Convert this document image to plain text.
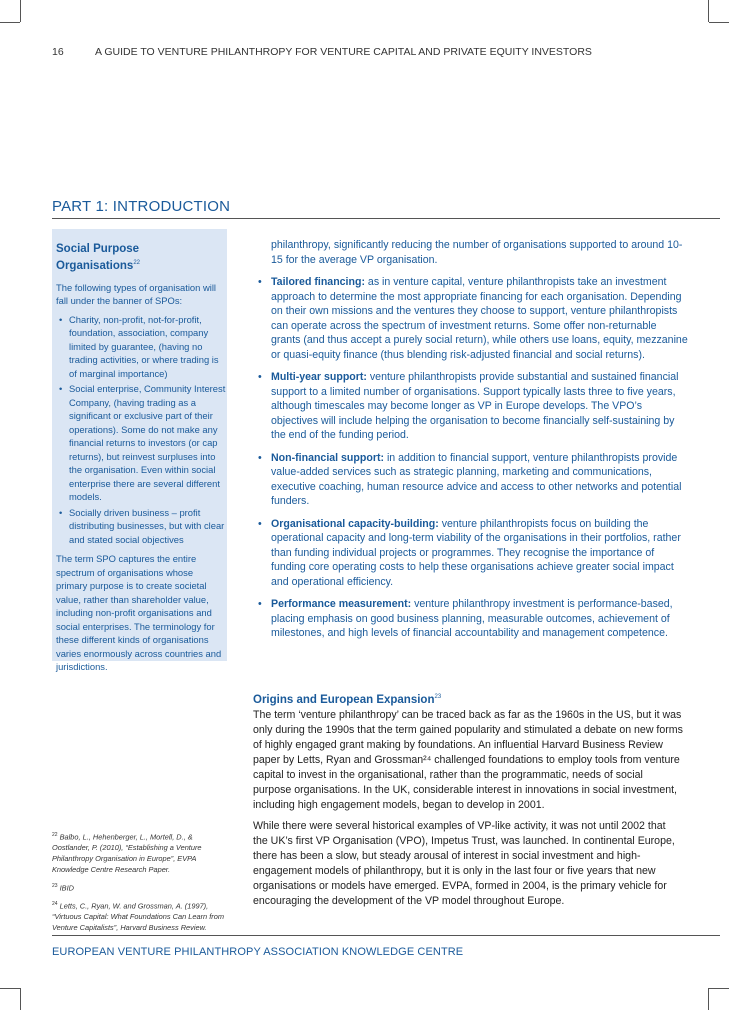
16	A GUIDE TO VENTURE PHILANTHROPY FOR VENTURE CAPITAL AND PRIVATE EQUITY INVESTORS
PART 1: INTRODUCTION
Social Purpose Organisations$^{22}$

The following types of organisation will fall under the banner of SPOs:

• Charity, non-profit, not-for-profit, foundation, association, company limited by guarantee, (having no trading activities, or where trading is of marginal importance)
• Social enterprise, Community Interest Company, (having trading as a significant or exclusive part of their operations). Some do not make any financial returns to investors (or cap returns), but reinvest surpluses into the organisation. Even within social enterprise there are several different models.
• Socially driven business – profit distributing businesses, but with clear and stated social objectives

The term SPO captures the entire spectrum of organisations whose primary purpose is to create societal value, rather than shareholder value, including non-profit organisations and social enterprises. The terminology for these different kinds of organisations varies enormously across countries and jurisdictions.

philanthropy, significantly reducing the number of organisations supported to around 10-15 for the average VP organisation.

• Tailored financing: as in venture capital, venture philanthropists take an investment approach to determine the most appropriate financing for each organisation. Depending on their own missions and the ventures they choose to support, venture philanthropists can operate across the spectrum of investment returns. Some offer non-returnable grants (and thus accept a purely social return), while others use loans, equity, mezzanine or quasi-equity finance (thus blending risk-adjusted financial and social returns).

• Multi-year support: venture philanthropists provide substantial and sustained financial support to a limited number of organisations. Support typically lasts three to five years, although timescales may become longer as VP in Europe develops. The VPO’s objectives will include helping the organisation to become financially self-sustaining by the end of the funding period.

• Non-financial support: in addition to financial support, venture philanthropists provide value-added services such as strategic planning, marketing and communications, executive coaching, human resource advice and access to other networks and potential funders.

• Organisational capacity-building: venture philanthropists focus on building the operational capacity and long-term viability of the organisations in their portfolios, rather than funding individual projects or programmes. They recognise the importance of funding core operating costs to help these organisations achieve greater social impact and operational efficiency.

• Performance measurement: venture philanthropy investment is performance-based, placing emphasis on good business planning, measurable outcomes, achievement of milestones, and high levels of financial accountability and management competence.

Origins and European Expansion$^{23}$

The term ‘venture philanthropy’ can be traced back as far as the 1960s in the US, but it was only during the 1990s that the term gained popularity and stimulated a debate on new forms of highly engaged grant making by foundations. An influential Harvard Business Review paper by Letts, Ryan and Grossman²⁴ challenged foundations to employ tools from venture capital to invest in the organisational, rather than the programmatic, needs of social purpose organisations. In the UK, considerable interest in innovations in social investment, including high engagement models, began to develop in 2001.

While there were several historical examples of VP-like activity, it was not until 2002 that the UK’s first VP Organisation (VPO), Impetus Trust, was launched. In continental Europe, there has been a slow, but steady arousal of interest in social investment and high-engagement models of philanthropy, but it is only in the last four or five years that new organisations or models have emerged. EVPA, formed in 2004, is the primary vehicle for encouraging the development of the VP model throughout Europe.

$^{22}$ Balbo, L., Hehenberger, L., Mortell, D., & Oostlander, P. (2010), “Establishing a Venture Philanthropy Organisation in Europe”, EVPA Knowledge Centre Research Paper.

$^{23}$ IBID

$^{24}$ Letts, C., Ryan, W. and Grossman, A. (1997), “Virtuous Capital: What Foundations Can Learn from Venture Capitalists”, Harvard Business Review.

EUROPEAN VENTURE PHILANTHROPY ASSOCIATION KNOWLEDGE CENTRE
